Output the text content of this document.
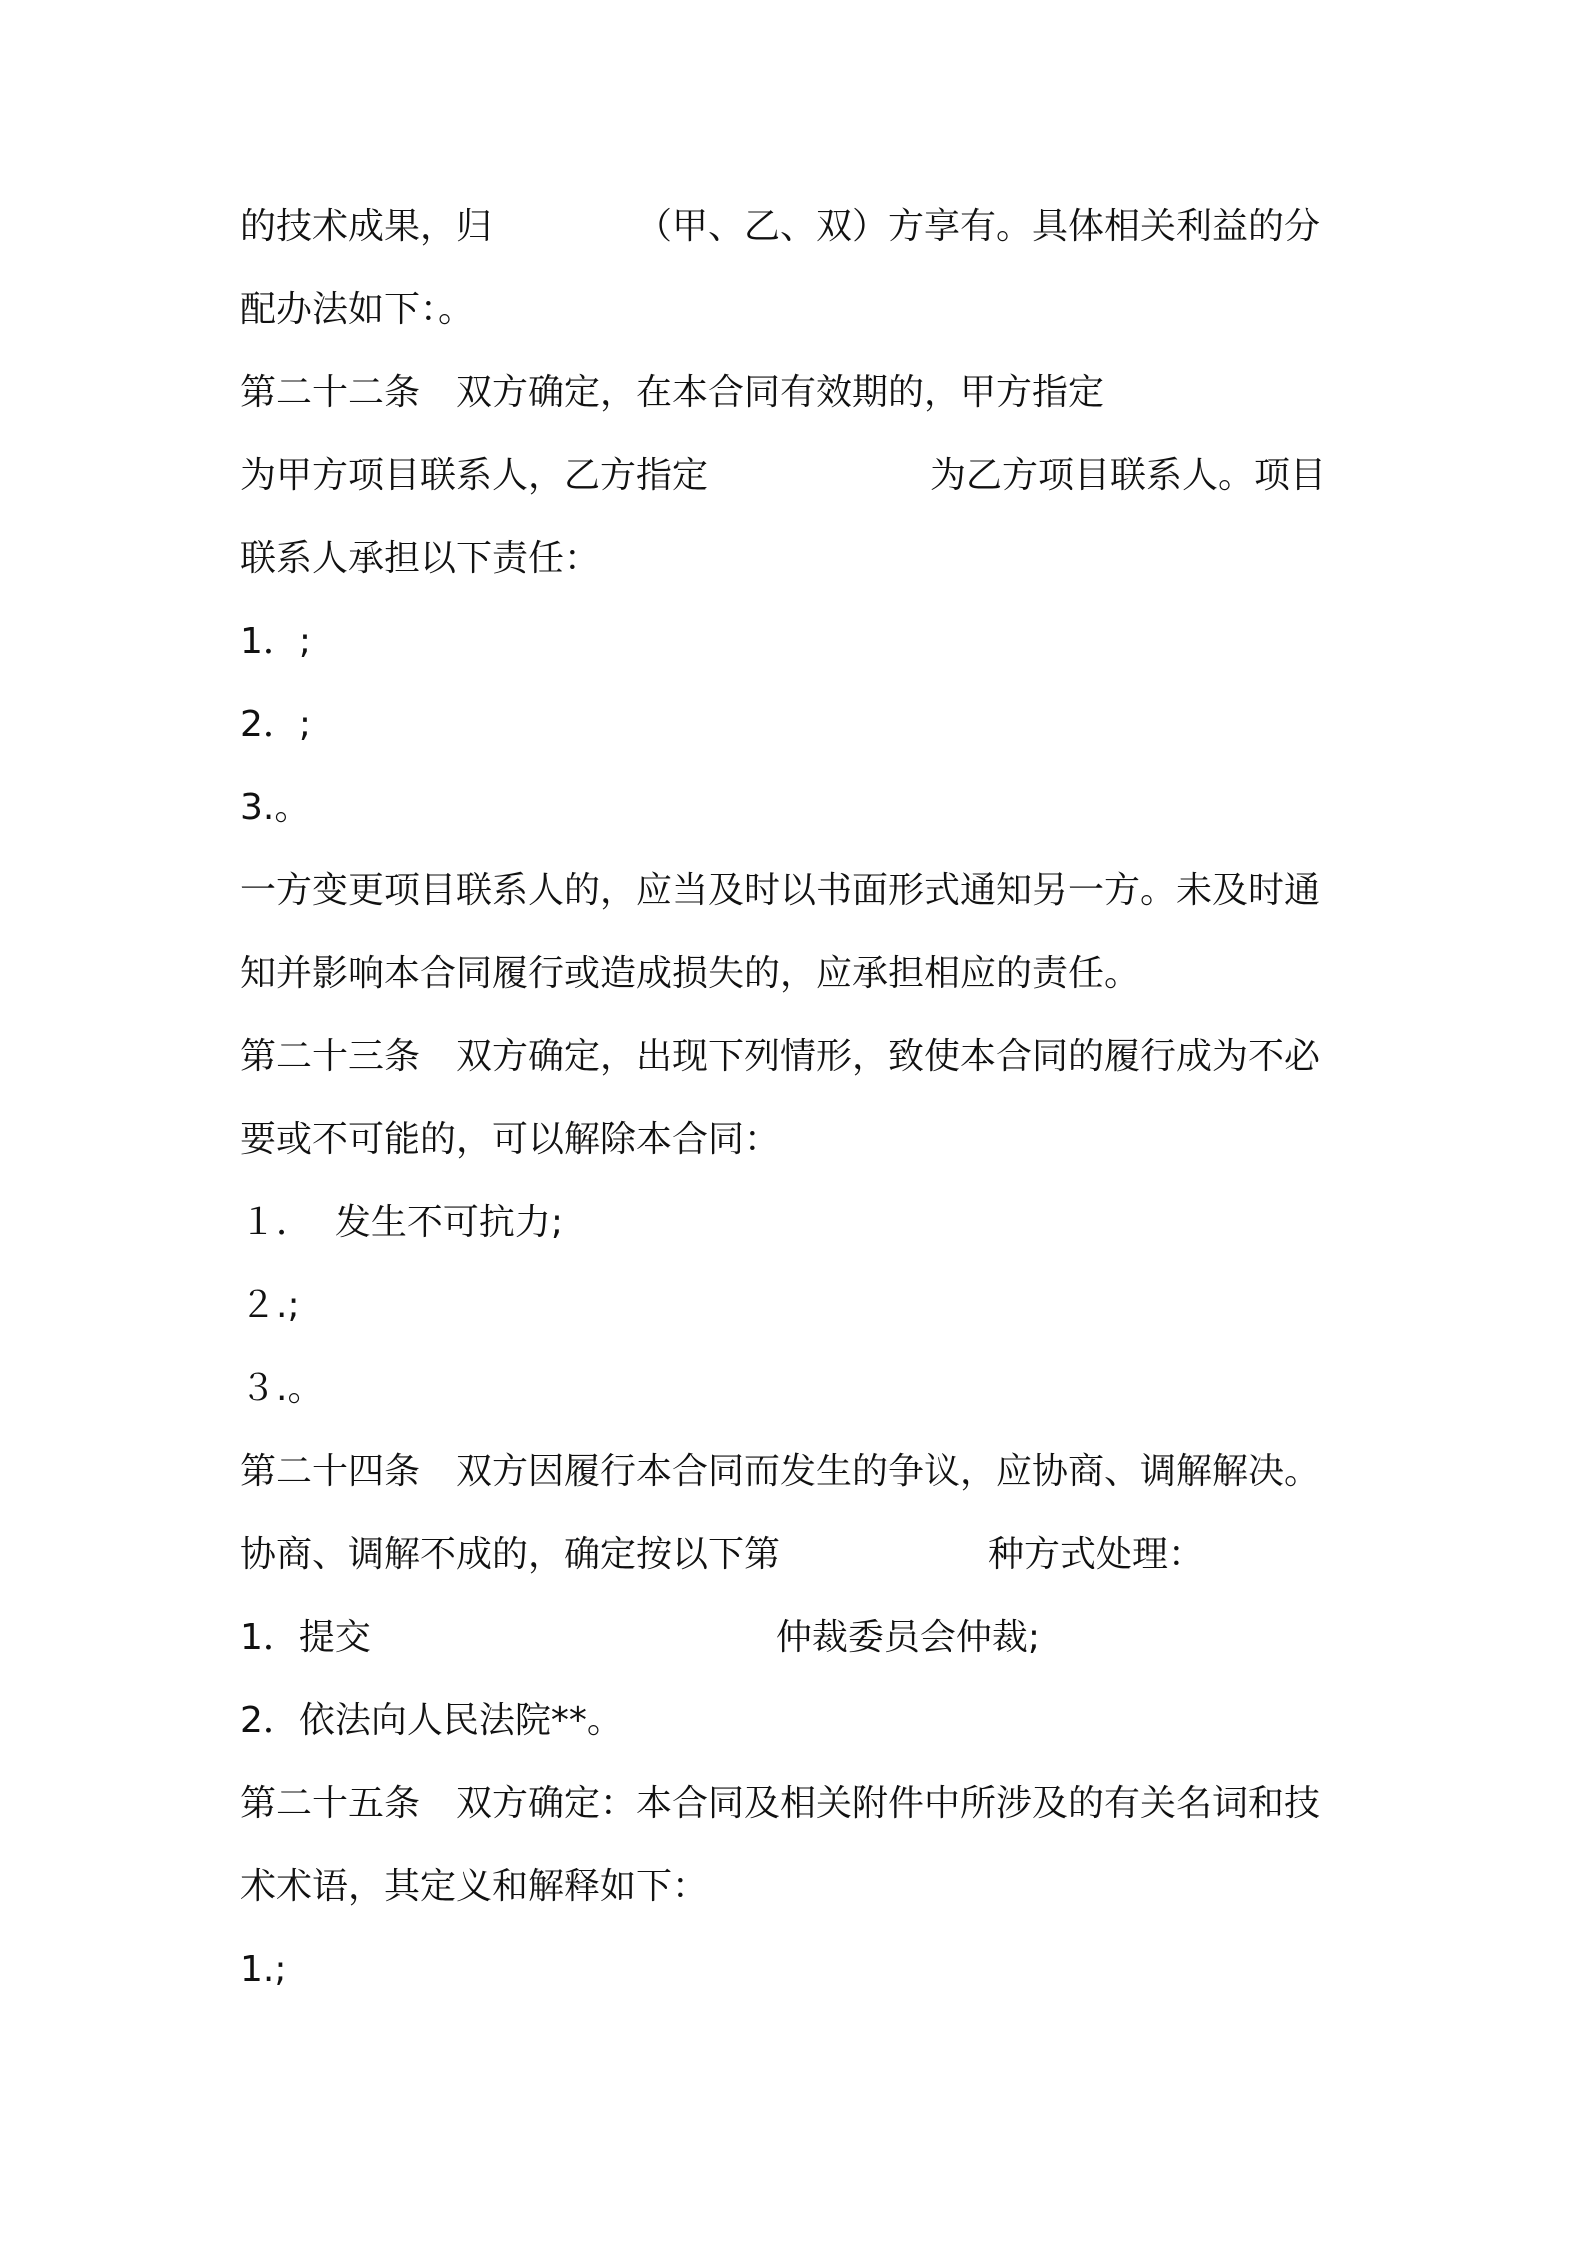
的技术成果，归	（甲、乙、双）方享有。具体相关利益的分
配办法如下：。
第二十二条　双方确定，在本合同有效期的，甲方指定
为甲方项目联系人，乙方指定	为乙方项目联系人。项目
联系人承担以下责任：
1．;
2．;
3.。
一方变更项目联系人的，应当及时以书面形式通知另一方。未及时通
知并影响本合同履行或造成损失的，应承担相应的责任。
第二十三条　双方确定，出现下列情形，致使本合同的履行成为不必
要或不可能的，可以解除本合同：
１．  发生不可抗力;
２.;
３.。
第二十四条　双方因履行本合同而发生的争议，应协商、调解解决。
协商、调解不成的，确定按以下第	种方式处理：
1．提交	仲裁委员会仲裁;
2．依法向人民法院**。
第二十五条　双方确定：本合同及相关附件中所涉及的有关名词和技
术术语，其定义和解释如下：
1.;
